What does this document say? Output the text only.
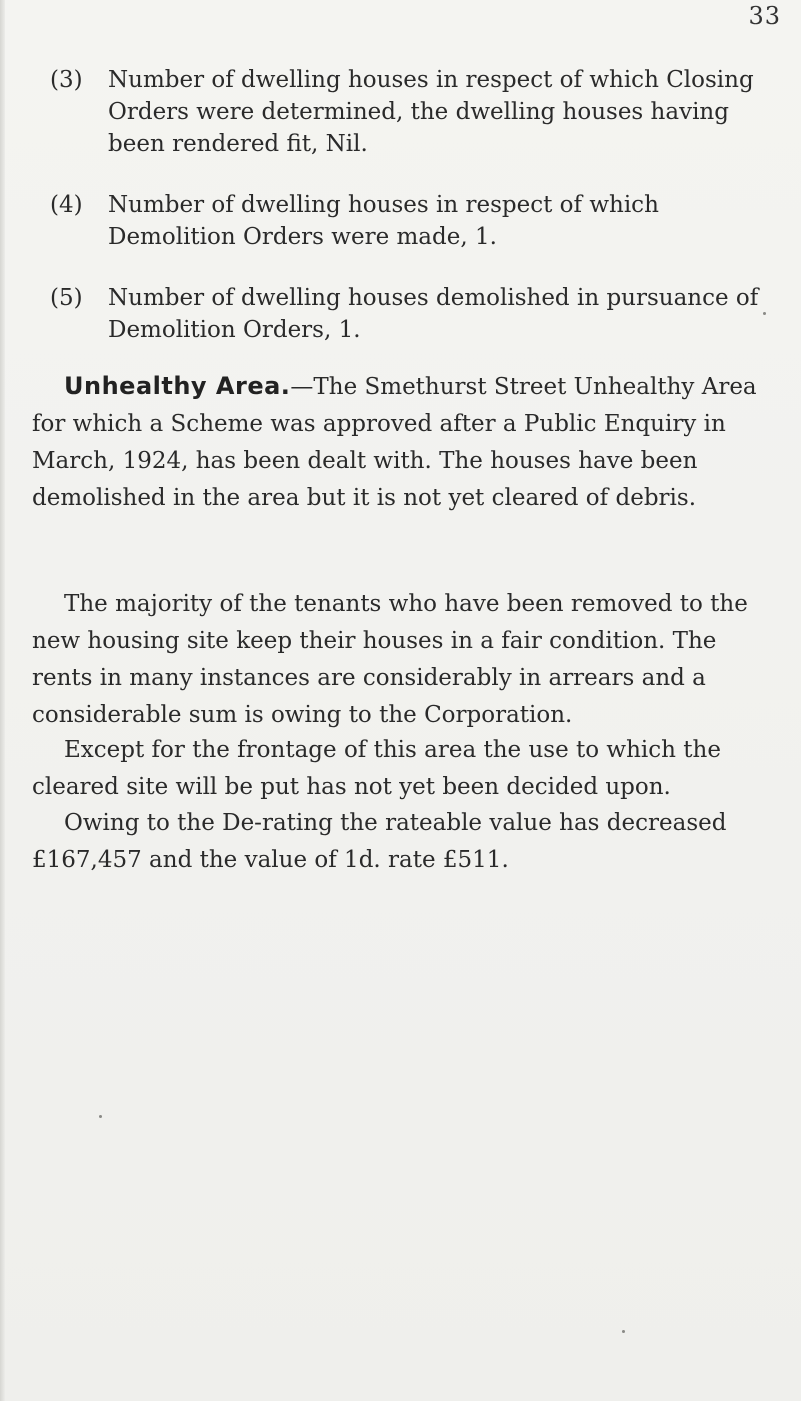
33
(3)	Number of dwelling houses in respect of which Closing Orders were determined, the dwelling houses having been rendered fit, Nil.
(4)	Number of dwelling houses in respect of which Demolition Orders were made, 1.
(5)	Number of dwelling houses demolished in pursuance of Demolition Orders, 1.
Unhealthy Area.—The Smethurst Street Unhealthy Area for which a Scheme was approved after a Public Enquiry in March, 1924, has been dealt with. The houses have been demolished in the area but it is not yet cleared of debris.
The majority of the tenants who have been removed to the new housing site keep their houses in a fair condition. The rents in many instances are considerably in arrears and a considerable sum is owing to the Corporation.
Except for the frontage of this area the use to which the cleared site will be put has not yet been decided upon.
Owing to the De-rating the rateable value has decreased £167,457 and the value of 1d. rate £511.
